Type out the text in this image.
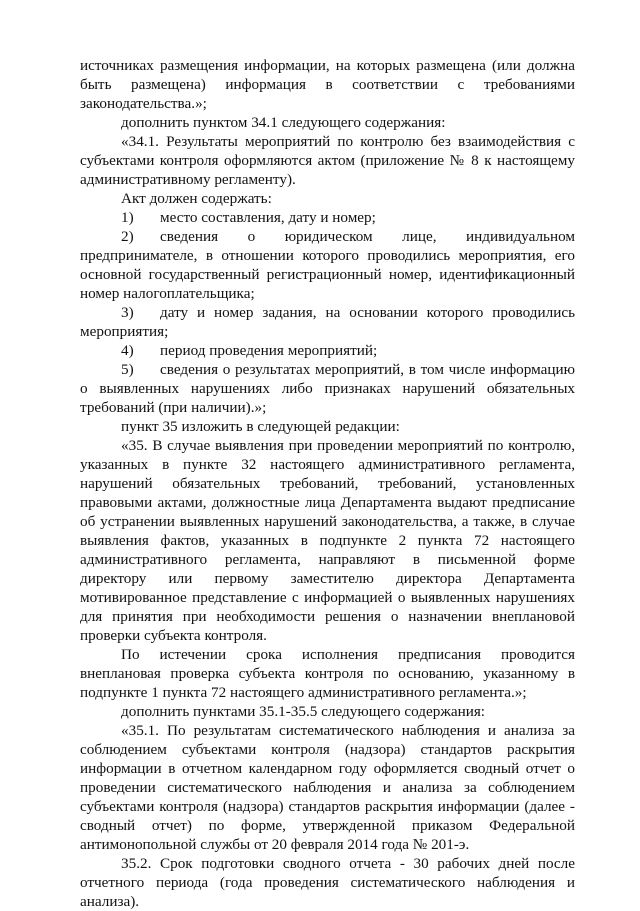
источниках размещения информации, на которых размещена (или должна быть размещена) информация в соответствии с требованиями законодательства.»;

дополнить пунктом 34.1 следующего содержания:

«34.1. Результаты мероприятий по контролю без взаимодействия с субъектами контроля оформляются актом (приложение № 8 к настоящему административному регламенту).

Акт должен содержать:

1) место составления, дату и номер;

2) сведения о юридическом лице, индивидуальном предпринимателе, в отношении которого проводились мероприятия, его основной государственный регистрационный номер, идентификационный номер налогоплательщика;

3) дату и номер задания, на основании которого проводились мероприятия;

4) период проведения мероприятий;

5) сведения о результатах мероприятий, в том числе информацию о выявленных нарушениях либо признаках нарушений обязательных требований (при наличии).»;

пункт 35 изложить в следующей редакции:

«35. В случае выявления при проведении мероприятий по контролю, указанных в пункте 32 настоящего административного регламента, нарушений обязательных требований, требований, установленных правовыми актами, должностные лица Департамента выдают предписание об устранении выявленных нарушений законодательства, а также, в случае выявления фактов, указанных в подпункте 2 пункта 72 настоящего административного регламента, направляют в письменной форме директору или первому заместителю директора Департамента мотивированное представление с информацией о выявленных нарушениях для принятия при необходимости решения о назначении внеплановой проверки субъекта контроля.

По истечении срока исполнения предписания проводится внеплановая проверка субъекта контроля по основанию, указанному в подпункте 1 пункта 72 настоящего административного регламента.»;

дополнить пунктами 35.1-35.5 следующего содержания:

«35.1. По результатам систематического наблюдения и анализа за соблюдением субъектами контроля (надзора) стандартов раскрытия информации в отчетном календарном году оформляется сводный отчет о проведении систематического наблюдения и анализа за соблюдением субъектами контроля (надзора) стандартов раскрытия информации (далее - сводный отчет) по форме, утвержденной приказом Федеральной антимонопольной службы от 20 февраля 2014 года № 201-э.

35.2. Срок подготовки сводного отчета - 30 рабочих дней после отчетного периода (года проведения систематического наблюдения и анализа).
